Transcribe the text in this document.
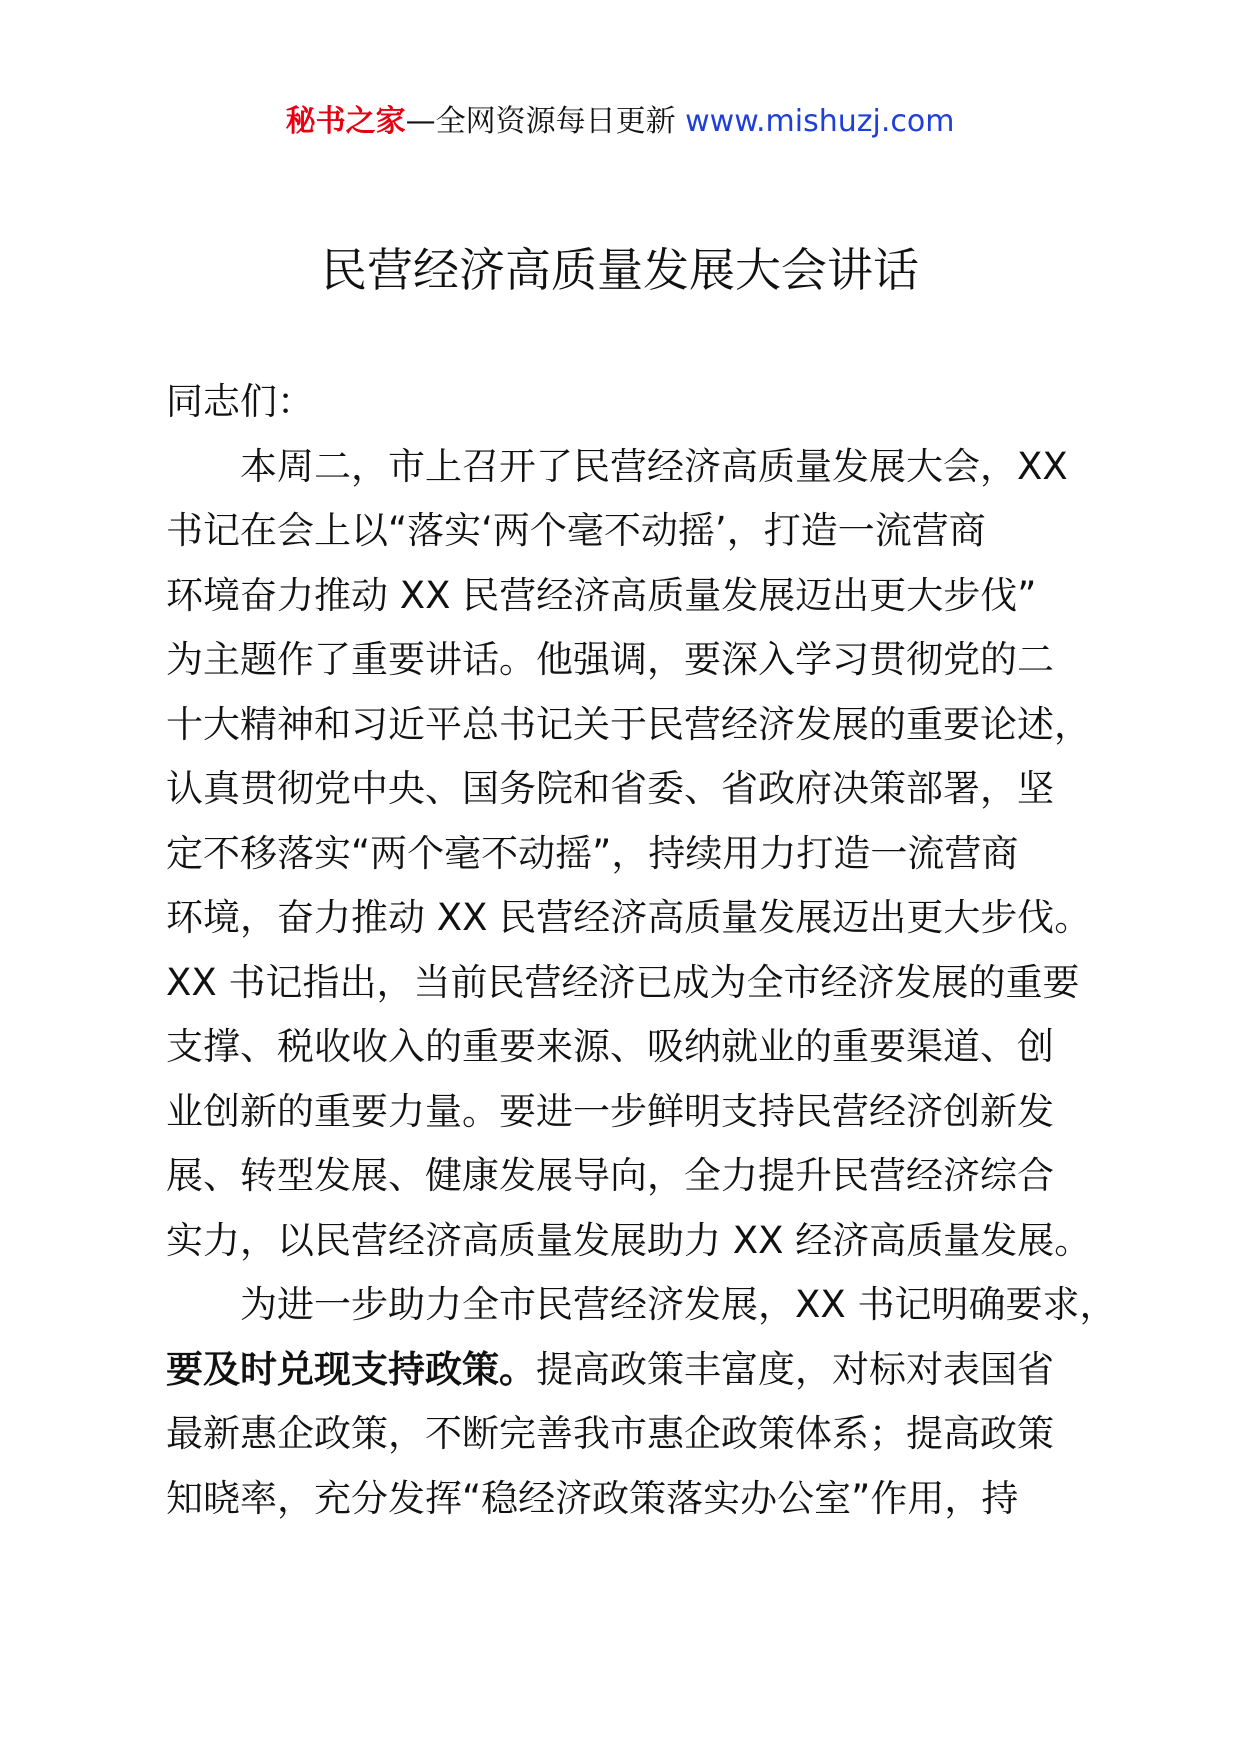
秘书之家—全网资源每日更新 www.mishuzj.com
民营经济高质量发展大会讲话
同志们：
本周二，市上召开了民营经济高质量发展大会，XX
书记在会上以“落实‘两个毫不动摇’，打造一流营商
环境奋力推动 XX 民营经济高质量发展迈出更大步伐”
为主题作了重要讲话。他强调，要深入学习贯彻党的二
十大精神和习近平总书记关于民营经济发展的重要论述，
认真贯彻党中央、国务院和省委、省政府决策部署，坚
定不移落实“两个毫不动摇”，持续用力打造一流营商
环境，奋力推动 XX 民营经济高质量发展迈出更大步伐。
XX 书记指出，当前民营经济已成为全市经济发展的重要
支撑、税收收入的重要来源、吸纳就业的重要渠道、创
业创新的重要力量。要进一步鲜明支持民营经济创新发
展、转型发展、健康发展导向，全力提升民营经济综合
实力，以民营经济高质量发展助力 XX 经济高质量发展。
为进一步助力全市民营经济发展，XX 书记明确要求，
要及时兑现支持政策。提高政策丰富度，对标对表国省
最新惠企政策，不断完善我市惠企政策体系；提高政策
知晓率，充分发挥“稳经济政策落实办公室”作用，持
